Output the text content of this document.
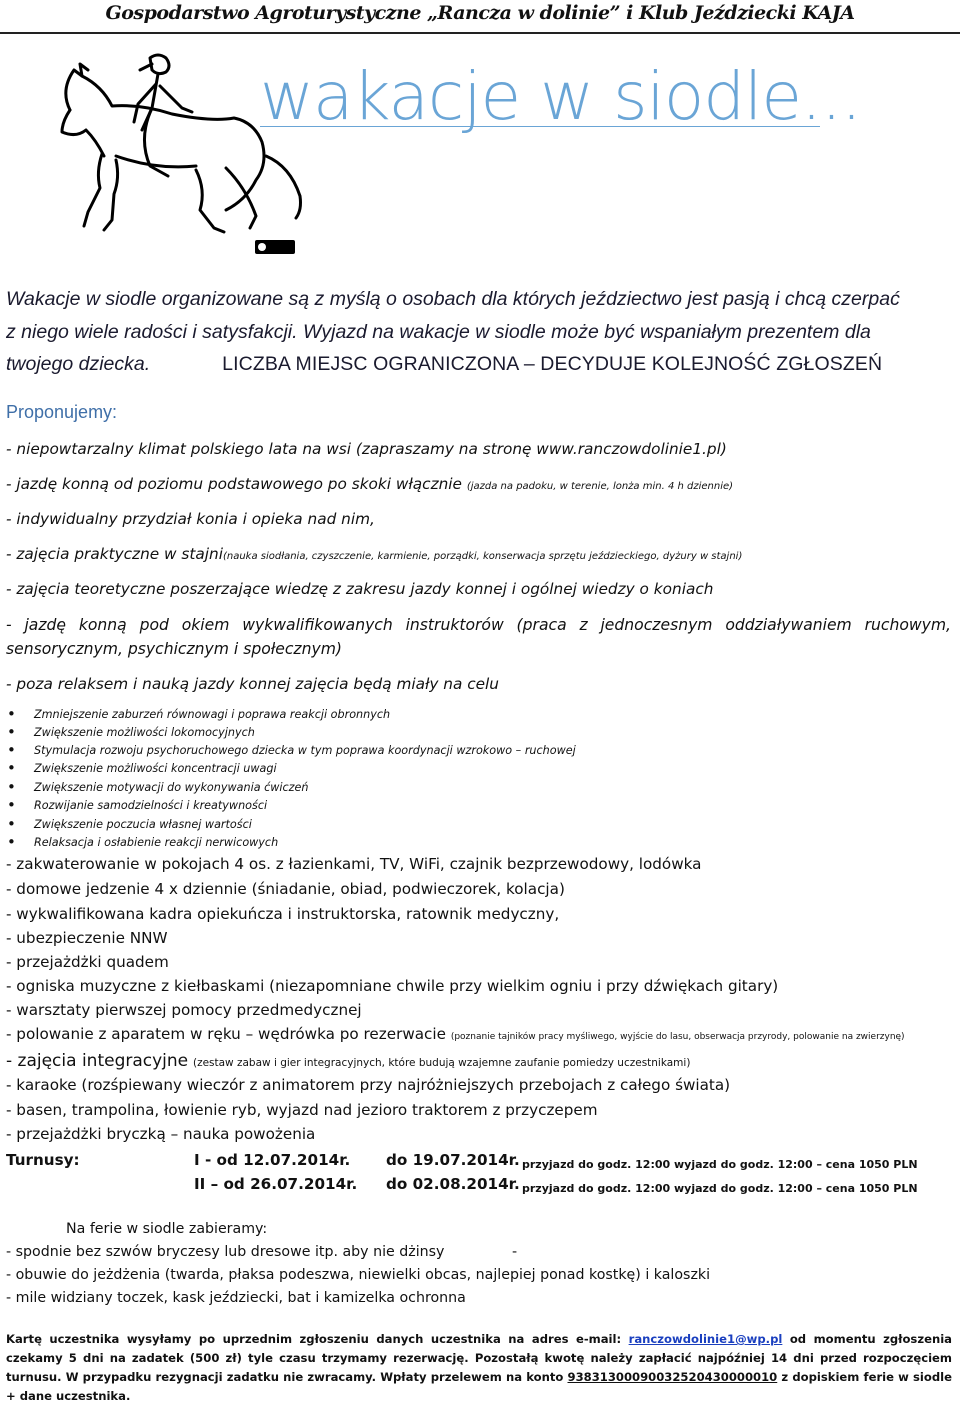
Gospodarstwo Agroturystyczne „Rancza w dolinie” i Klub Jeździecki KAJA
wakacje w siodle...
Wakacje w siodle organizowane są z myślą o osobach dla których jeździectwo jest pasją i chcą czerpać
z niego wiele radości i satysfakcji. Wyjazd na wakacje w siodle może być wspaniałym prezentem dla
twojego dziecka.	LICZBA MIEJSC OGRANICZONA – DECYDUJE KOLEJNOŚĆ ZGŁOSZEŃ
Proponujemy:
- niepowtarzalny klimat polskiego lata na wsi (zapraszamy na stronę www.ranczowdolinie1.pl)
- jazdę konną od poziomu podstawowego po skoki włącznie (jazda na padoku, w terenie, lonża min. 4 h dziennie)
- indywidualny przydział konia i opieka nad nim,
- zajęcia praktyczne w stajni(nauka siodłania, czyszczenie, karmienie, porządki, konserwacja sprzętu jeździeckiego, dyżury w stajni)
- zajęcia teoretyczne poszerzające wiedzę z zakresu jazdy konnej i ogólnej wiedzy o koniach
- jazdę konną pod okiem wykwalifikowanych instruktorów (praca z jednoczesnym oddziaływaniem ruchowym, sensorycznym, psychicznym i społecznym)
- poza relaksem i nauką jazdy konnej zajęcia będą miały na celu
• Zmniejszenie zaburzeń równowagi i poprawa reakcji obronnych
• Zwiększenie możliwości lokomocyjnych
• Stymulacja rozwoju psychoruchowego dziecka w tym poprawa koordynacji wzrokowo – ruchowej
• Zwiększenie możliwości koncentracji uwagi
• Zwiększenie motywacji do wykonywania ćwiczeń
• Rozwijanie samodzielności i kreatywności
• Zwiększenie poczucia własnej wartości
• Relaksacja i osłabienie reakcji nerwicowych
- zakwaterowanie w pokojach 4 os. z łazienkami, TV, WiFi, czajnik bezprzewodowy, lodówka
- domowe jedzenie 4 x dziennie (śniadanie, obiad, podwieczorek, kolacja)
- wykwalifikowana kadra opiekuńcza i instruktorska, ratownik medyczny,
- ubezpieczenie NNW
- przejażdżki quadem
- ogniska muzyczne z kiełbaskami (niezapomniane chwile przy wielkim ogniu i przy dźwiękach gitary)
- warsztaty pierwszej pomocy przedmedycznej
- polowanie z aparatem w ręku – wędrówka po rezerwacie (poznanie tajników pracy myśliwego, wyjście do lasu, obserwacja przyrody, polowanie na zwierzynę)
- zajęcia integracyjne (zestaw zabaw i gier integracyjnych, które budują wzajemne zaufanie pomiedzy uczestnikami)
- karaoke (rozśpiewany wieczór z animatorem przy najróżniejszych przebojach z całego świata)
- basen, trampolina, łowienie ryb, wyjazd nad jezioro traktorem z przyczepem
- przejażdżki bryczką – nauka powożenia
Turnusy:	I - od 12.07.2014r. do 19.07.2014r. przyjazd do godz. 12:00 wyjazd do godz. 12:00 – cena 1050 PLN
II – od 26.07.2014r. do 02.08.2014r. przyjazd do godz. 12:00 wyjazd do godz. 12:00 – cena 1050 PLN
Na ferie w siodle zabieramy:
- spodnie bez szwów bryczesy lub dresowe itp. aby nie dżinsy	-
- obuwie do jeżdżenia (twarda, płaksa podeszwa, niewielki obcas, najlepiej ponad kostkę) i kaloszki
- mile widziany toczek, kask jeździecki, bat i kamizelka ochronna
Kartę uczestnika wysyłamy po uprzednim zgłoszeniu danych uczestnika na adres e-mail: ranczowdolinie1@wp.pl od momentu zgłoszenia czekamy 5 dni na zadatek (500 zł) tyle czasu trzymamy rezerwację. Pozostałą kwotę należy zapłacić najpóźniej 14 dni przed rozpoczęciem turnusu. W przypadku rezygnacji zadatku nie zwracamy. Wpłaty przelewem na konto 93831300090032520430000010 z dopiskiem ferie w siodle + dane uczestnika.
